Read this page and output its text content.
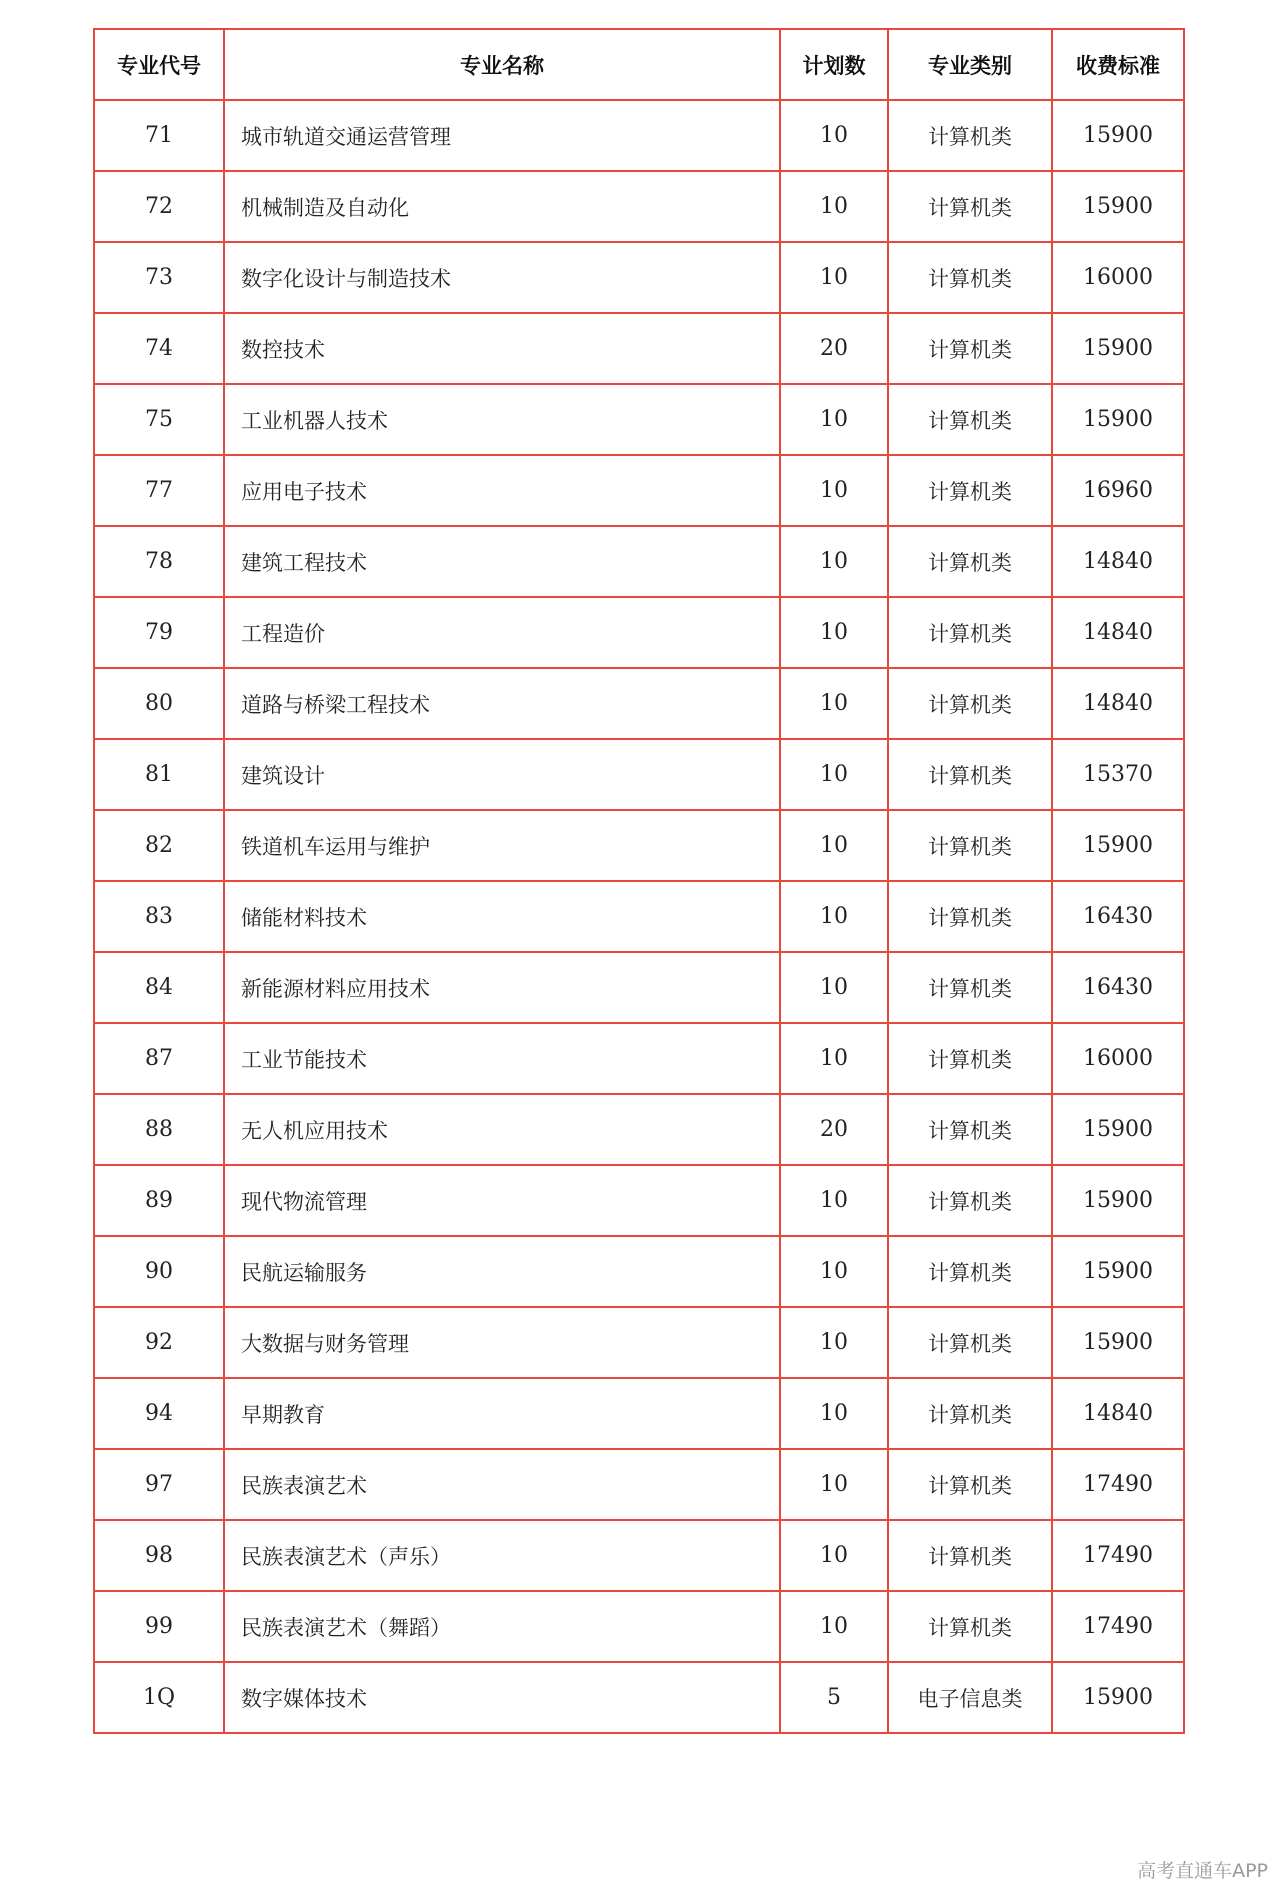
专业代号	专业名称	计划数	专业类别	收费标准
71	城市轨道交通运营管理	10	计算机类	15900
72	机械制造及自动化	10	计算机类	15900
73	数字化设计与制造技术	10	计算机类	16000
74	数控技术	20	计算机类	15900
75	工业机器人技术	10	计算机类	15900
77	应用电子技术	10	计算机类	16960
78	建筑工程技术	10	计算机类	14840
79	工程造价	10	计算机类	14840
80	道路与桥梁工程技术	10	计算机类	14840
81	建筑设计	10	计算机类	15370
82	铁道机车运用与维护	10	计算机类	15900
83	储能材料技术	10	计算机类	16430
84	新能源材料应用技术	10	计算机类	16430
87	工业节能技术	10	计算机类	16000
88	无人机应用技术	20	计算机类	15900
89	现代物流管理	10	计算机类	15900
90	民航运输服务	10	计算机类	15900
92	大数据与财务管理	10	计算机类	15900
94	早期教育	10	计算机类	14840
97	民族表演艺术	10	计算机类	17490
98	民族表演艺术（声乐）	10	计算机类	17490
99	民族表演艺术（舞蹈）	10	计算机类	17490
1Q	数字媒体技术	5	电子信息类	15900
高考直通车APP
